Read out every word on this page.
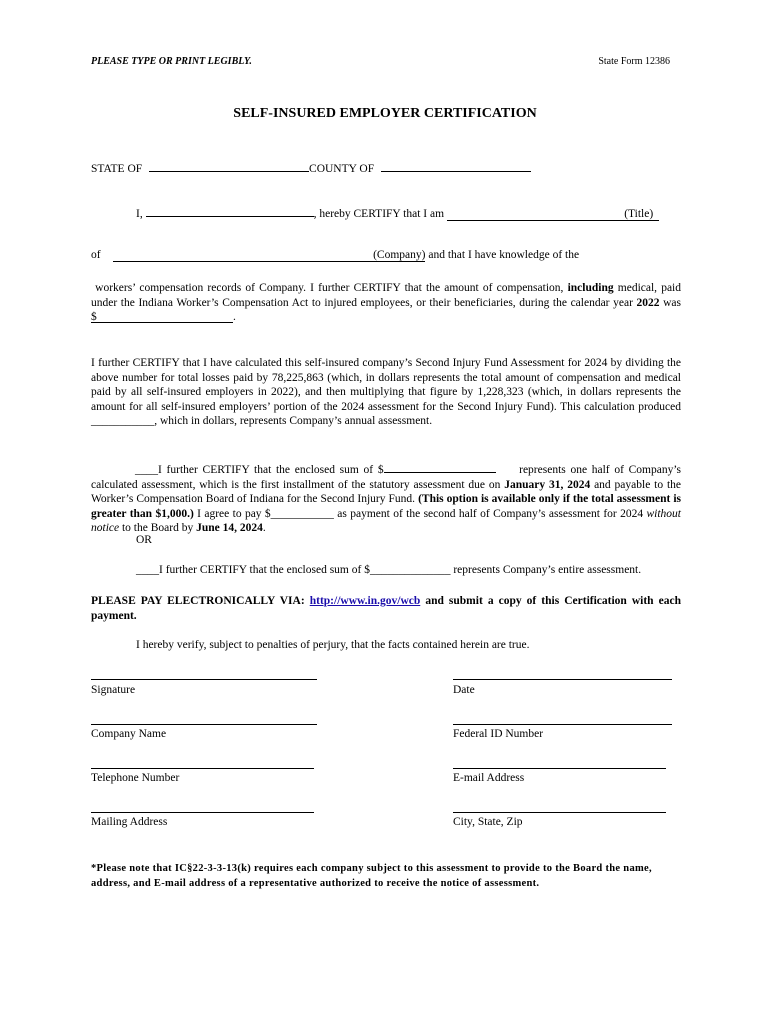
PLEASE TYPE OR PRINT LEGIBLY.	State Form 12386
SELF-INSURED EMPLOYER CERTIFICATION
STATE OF	COUNTY OF
I,	, hereby CERTIFY that I am	(Title)
of	(Company) and that I have knowledge of the

workers’ compensation records of Company. I further CERTIFY that the amount of compensation, including medical, paid under the Indiana Worker’s Compensation Act to injured employees, or their beneficiaries, during the calendar year 2022 was $	.

I further CERTIFY that I have calculated this self-insured company’s Second Injury Fund Assessment for 2024 by dividing the above number for total losses paid by 78,225,863 (which, in dollars represents the total amount of compensation and medical paid by all self-insured employers in 2022), and then multiplying that figure by 1,228,323 (which, in dollars represents the amount for all self-insured employers’ portion of the 2024 assessment for the Second Injury Fund). This calculation produced ___________, which in dollars, represents Company’s annual assessment.

____I further CERTIFY that the enclosed sum of $	represents one half of Company’s calculated assessment, which is the first installment of the statutory assessment due on January 31, 2024 and payable to the Worker’s Compensation Board of Indiana for the Second Injury Fund. (This option is available only if the total assessment is greater than $1,000.) I agree to pay $___________ as payment of the second half of Company’s assessment for 2024 without notice to the Board by June 14, 2024.

OR
____I further CERTIFY that the enclosed sum of $______________ represents Company’s entire assessment.
PLEASE PAY ELECTRONICALLY VIA: http://www.in.gov/wcb and submit a copy of this Certification with each payment.
I hereby verify, subject to penalties of perjury, that the facts contained herein are true.
Signature	Date
Company Name	Federal ID Number
Telephone Number	E-mail Address
Mailing Address	City, State, Zip
*Please note that IC§22-3-3-13(k) requires each company subject to this assessment to provide to the Board the name, address, and E-mail address of a representative authorized to receive the notice of assessment.
